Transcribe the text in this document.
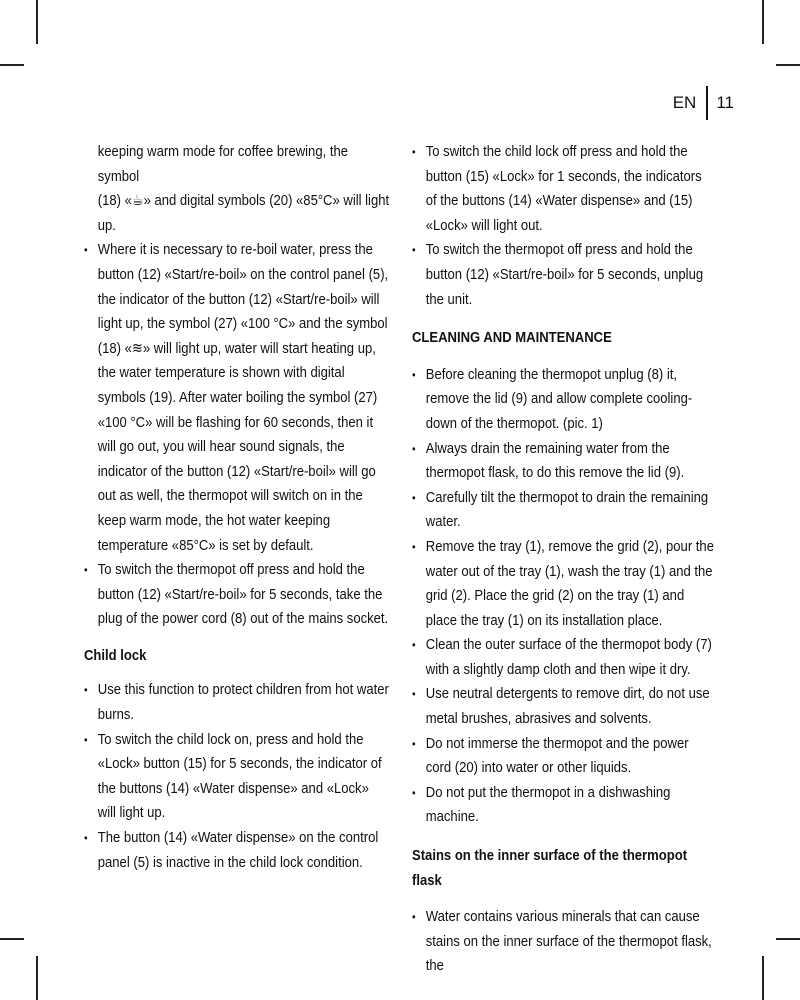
EN 11

keeping warm mode for coffee brewing, the symbol

(18) «☕» and digital symbols (20) «85°C» will light

up.

• Where it is necessary to re-boil water, press the button (12) «Start/re-boil» on the control panel (5), the indicator of the button (12) «Start/re-boil» will light up, the symbol (27) «100 °C» and the symbol (18) «≋» will light up, water will start heating up, the water temperature is shown with digital symbols (19). After water boiling the symbol (27) «100 °C» will be flashing for 60 seconds, then it will go out, you will hear sound signals, the indicator of the button (12) «Start/re-boil» will go out as well, the thermopot will switch on in the keep warm mode, the hot water keeping temperature «85°C» is set by default.

• To switch the thermopot off press and hold the button (12) «Start/re-boil» for 5 seconds, take the plug of the power cord (8) out of the mains socket.

Child lock

• Use this function to protect children from hot water burns.

• To switch the child lock on, press and hold the «Lock» button (15) for 5 seconds, the indicator of the buttons (14) «Water dispense» and «Lock» will light up.

• The button (14) «Water dispense» on the control panel (5) is inactive in the child lock condition.

• To switch the child lock off press and hold the button (15) «Lock» for 1 seconds, the indicators of the buttons (14) «Water dispense» and (15) «Lock» will light out.

• To switch the thermopot off press and hold the button (12) «Start/re-boil» for 5 seconds, unplug the unit.

CLEANING AND MAINTENANCE

• Before cleaning the thermopot unplug (8) it, remove the lid (9) and allow complete cooling-down of the thermopot. (pic. 1)

• Always drain the remaining water from the thermopot flask, to do this remove the lid (9).

• Carefully tilt the thermopot to drain the remaining water.

• Remove the tray (1), remove the grid (2), pour the water out of the tray (1), wash the tray (1) and the grid (2). Place the grid (2) on the tray (1) and place the tray (1) on its installation place.

• Clean the outer surface of the thermopot body (7) with a slightly damp cloth and then wipe it dry.

• Use neutral detergents to remove dirt, do not use metal brushes, abrasives and solvents.

• Do not immerse the thermopot and the power cord (20) into water or other liquids.

• Do not put the thermopot in a dishwashing machine.

Stains on the inner surface of the thermopot flask

• Water contains various minerals that can cause stains on the inner surface of the thermopot flask, the
